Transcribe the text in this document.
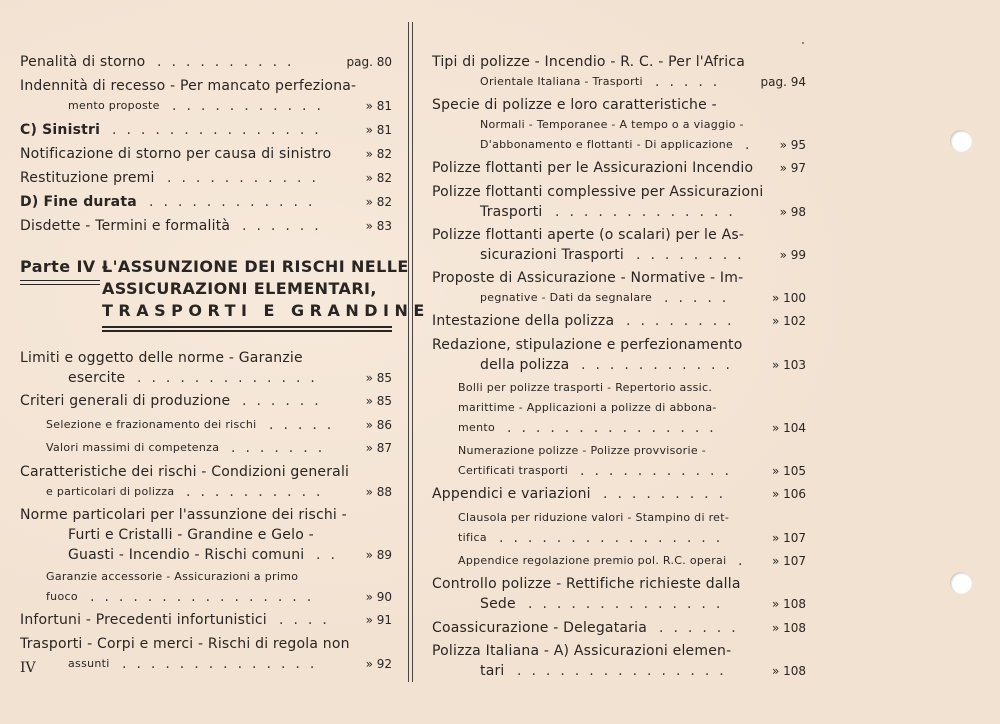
Penalità di storno	pag. 80
..........
Indennità di recesso - Per mancato perfeziona-
mento proposte	» 81
...........
C) Sinistri	» 81
...............
Notificazione di storno per causa di sinistro	» 82
Restituzione premi	» 82
...........
D) Fine durata	» 82
............
Disdette - Termini e formalità	» 83
......
Parte IV -
L'ASSUNZIONE DEI RISCHI NELLE
ASSICURAZIONI ELEMENTARI,
TRASPORTI E GRANDINE
Limiti e oggetto delle norme - Garanzie
esercite	» 85
.............
Criteri generali di produzione	» 85
......
Selezione e frazionamento dei rischi	» 86
.....
Valori massimi di competenza	» 87
.......
Caratteristiche dei rischi - Condizioni generali
e particolari di polizza	» 88
..........
Norme particolari per l'assunzione dei rischi -
Furti e Cristalli - Grandine e Gelo -
Guasti - Incendio - Rischi comuni	» 89
..
Garanzie accessorie - Assicurazioni a primo
fuoco	» 90
................
Infortuni - Precedenti infortunistici	» 91
....
Trasporti - Corpi e merci - Rischi di regola non
assunti	» 92
..............
IV
Tipi di polizze - Incendio - R. C. - Per l'Africa
Orientale Italiana - Trasporti	pag. 94
.....
Specie di polizze e loro caratteristiche -
Normali - Temporanee - A tempo o a viaggio -
D'abbonamento e flottanti - Di applicazione	» 95
.
Polizze flottanti per le Assicurazioni Incendio » 97
Polizze flottanti complessive per Assicurazioni
Trasporti	» 98
.............
Polizze flottanti aperte (o scalari) per le As-
sicurazioni Trasporti	» 99
........
Proposte di Assicurazione - Normative - Im-
pegnative - Dati da segnalare	» 100
.....
Intestazione della polizza	» 102
........
Redazione, stipulazione e perfezionamento
della polizza	» 103
...........
Bolli per polizze trasporti - Repertorio assic.
marittime - Applicazioni a polizze di abbona-
mento	» 104
...............
Numerazione polizze - Polizze provvisorie -
Certificati trasporti	» 105
...........
Appendici e variazioni	» 106
.........
Clausola per riduzione valori - Stampino di ret-
tifica	» 107
................
Appendice regolazione premio pol. R.C. operai	» 107
.
Controllo polizze - Rettifiche richieste dalla
Sede	» 108
..............
Coassicurazione - Delegataria	» 108
......
Polizza Italiana - A) Assicurazioni elemen-
tari	» 108
...............
